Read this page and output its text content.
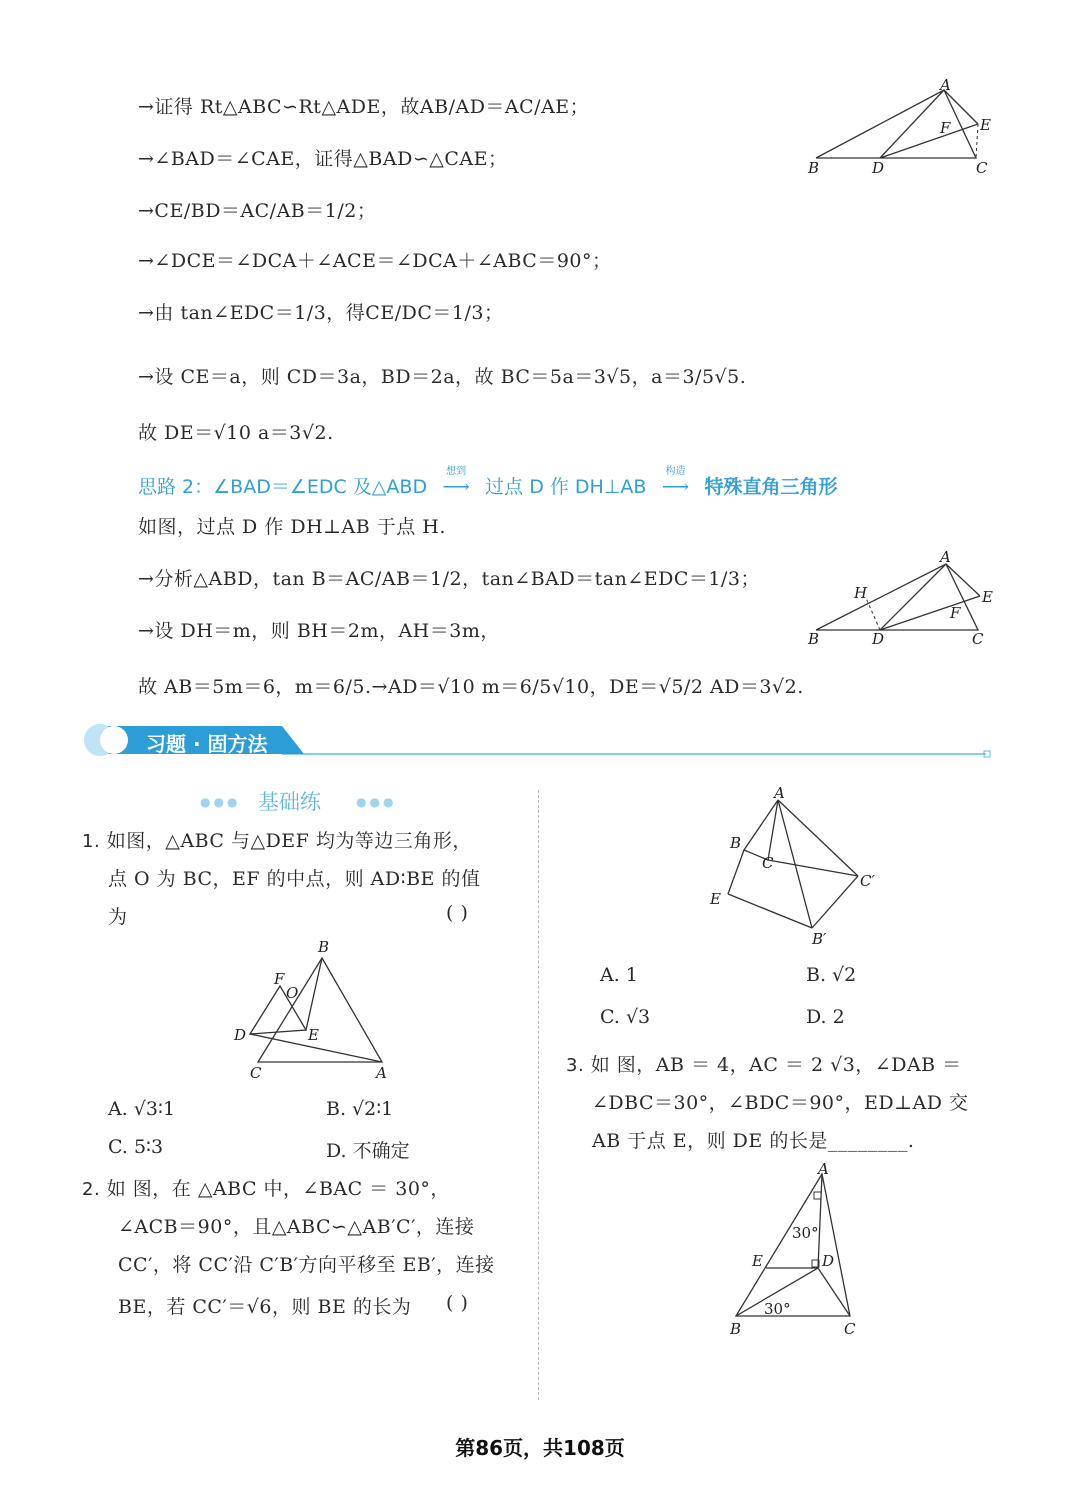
→证得 Rt△ABC∽Rt△ADE，故AB/AD＝AC/AE；
→∠BAD＝∠CAE，证得△BAD∽△CAE；
→CE/BD＝AC/AB＝1/2；
→∠DCE＝∠DCA＋∠ACE＝∠DCA＋∠ABC＝90°；
→由 tan∠EDC＝1/3，得CE/DC＝1/3；
→设 CE＝a，则 CD＝3a，BD＝2a，故 BC＝5a＝3√5，a＝3/5√5.
故 DE＝√10 a＝3√2.
A
B	D	C
E
F
思路 2：∠BAD＝∠EDC 及△ABD
想到
⟶ 过点 D 作 DH⊥AB
构造
⟶ 特殊直角三角形
如图，过点 D 作 DH⊥AB 于点 H.
→分析△ABD，tan B＝AC/AB＝1/2，tan∠BAD＝tan∠EDC＝1/3；
→设 DH＝m，则 BH＝2m，AH＝3m，
故 AB＝5m＝6，m＝6/5.→AD＝√10 m＝6/5√10，DE＝√5/2 AD＝3√2.
A
H
B	D	C
E
F
习题 · 固方法
●●● 基础练	●●●
1. 如图，△ABC 与△DEF 均为等边三角形，
点 O 为 BC，EF 的中点，则 AD∶BE 的值
为	( )
B
F
O
D	E
C	A
A. √3∶1	B. √2∶1
C. 5∶3	D. 不确定
2. 如 图，在 △ABC 中，∠BAC ＝ 30°，
∠ACB＝90°，且△ABC∽△AB′C′，连接
CC′，将 CC′沿 C′B′方向平移至 EB′，连接
BE，若 CC′＝√6，则 BE 的长为 ( )
A
B
C
C′
E
B′
A. 1	B. √2
C. √3	D. 2
3. 如 图，AB ＝ 4，AC ＝ 2 √3，∠DAB ＝
∠DBC＝30°，∠BDC＝90°，ED⊥AD 交
AB 于点 E，则 DE 的长是________.
A
30°
E	D
30°
B	C
第86页，共108页
